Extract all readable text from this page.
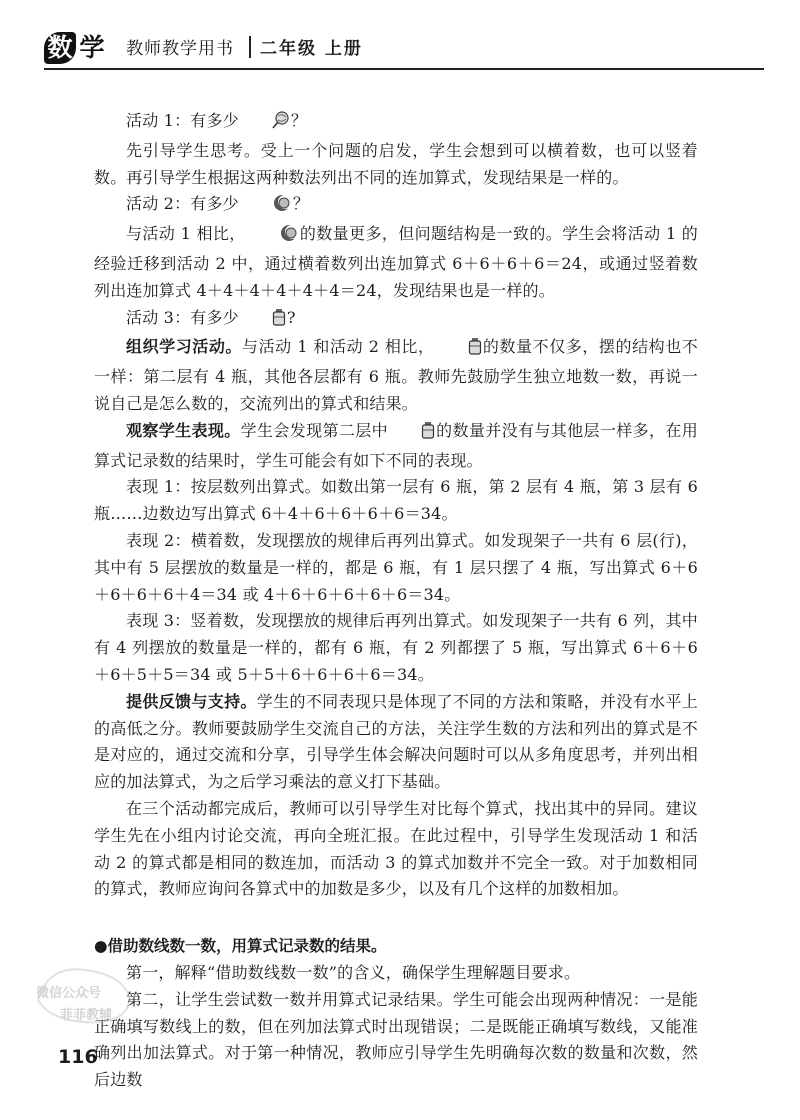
数 学 教师教学用书 二年级 上册

活动 1：有多少	？

先引导学生思考。受上一个问题的启发，学生会想到可以横着数，也可以竖着数。再引导学生根据这两种数法列出不同的连加算式，发现结果是一样的。

活动 2：有多少	？

与活动 1 相比，	的数量更多，但问题结构是一致的。学生会将活动 1 的经验迁移到活动 2 中，通过横着数列出连加算式 6＋6＋6＋6＝24，或通过竖着数列出连加算式 4＋4＋4＋4＋4＋4＝24，发现结果也是一样的。

活动 3：有多少	?

组织学习活动。与活动 1 和活动 2 相比，	的数量不仅多，摆的结构也不一样：第二层有 4 瓶，其他各层都有 6 瓶。教师先鼓励学生独立地数一数，再说一说自己是怎么数的，交流列出的算式和结果。

观察学生表现。学生会发现第二层中	的数量并没有与其他层一样多，在用算式记录数的结果时，学生可能会有如下不同的表现。

表现 1：按层数列出算式。如数出第一层有 6 瓶，第 2 层有 4 瓶，第 3 层有 6 瓶……边数边写出算式 6＋4＋6＋6＋6＋6＝34。

表现 2：横着数，发现摆放的规律后再列出算式。如发现架子一共有 6 层(行)，其中有 5 层摆放的数量是一样的，都是 6 瓶，有 1 层只摆了 4 瓶，写出算式 6＋6＋6＋6＋6＋4＝34 或 4＋6＋6＋6＋6＋6＝34。

表现 3：竖着数，发现摆放的规律后再列出算式。如发现架子一共有 6 列，其中有 4 列摆放的数量是一样的，都有 6 瓶，有 2 列都摆了 5 瓶，写出算式 6＋6＋6＋6＋5＋5＝34 或 5＋5＋6＋6＋6＋6＝34。

提供反馈与支持。学生的不同表现只是体现了不同的方法和策略，并没有水平上的高低之分。教师要鼓励学生交流自己的方法，关注学生数的方法和列出的算式是不是对应的，通过交流和分享，引导学生体会解决问题时可以从多角度思考，并列出相应的加法算式，为之后学习乘法的意义打下基础。

在三个活动都完成后，教师可以引导学生对比每个算式，找出其中的异同。建议学生先在小组内讨论交流，再向全班汇报。在此过程中，引导学生发现活动 1 和活动 2 的算式都是相同的数连加，而活动 3 的算式加数并不完全一致。对于加数相同的算式，教师应询问各算式中的加数是多少，以及有几个这样的加数相加。

●借助数线数一数，用算式记录数的结果。

第一，解释“借助数线数一数”的含义，确保学生理解题目要求。

第二，让学生尝试数一数并用算式记录结果。学生可能会出现两种情况：一是能正确填写数线上的数，但在列加法算式时出现错误；二是既能正确填写数线，又能准确列出加法算式。对于第一种情况，教师应引导学生先明确每次数的数量和次数，然后边数

微信公众号
菲菲教辅
116
